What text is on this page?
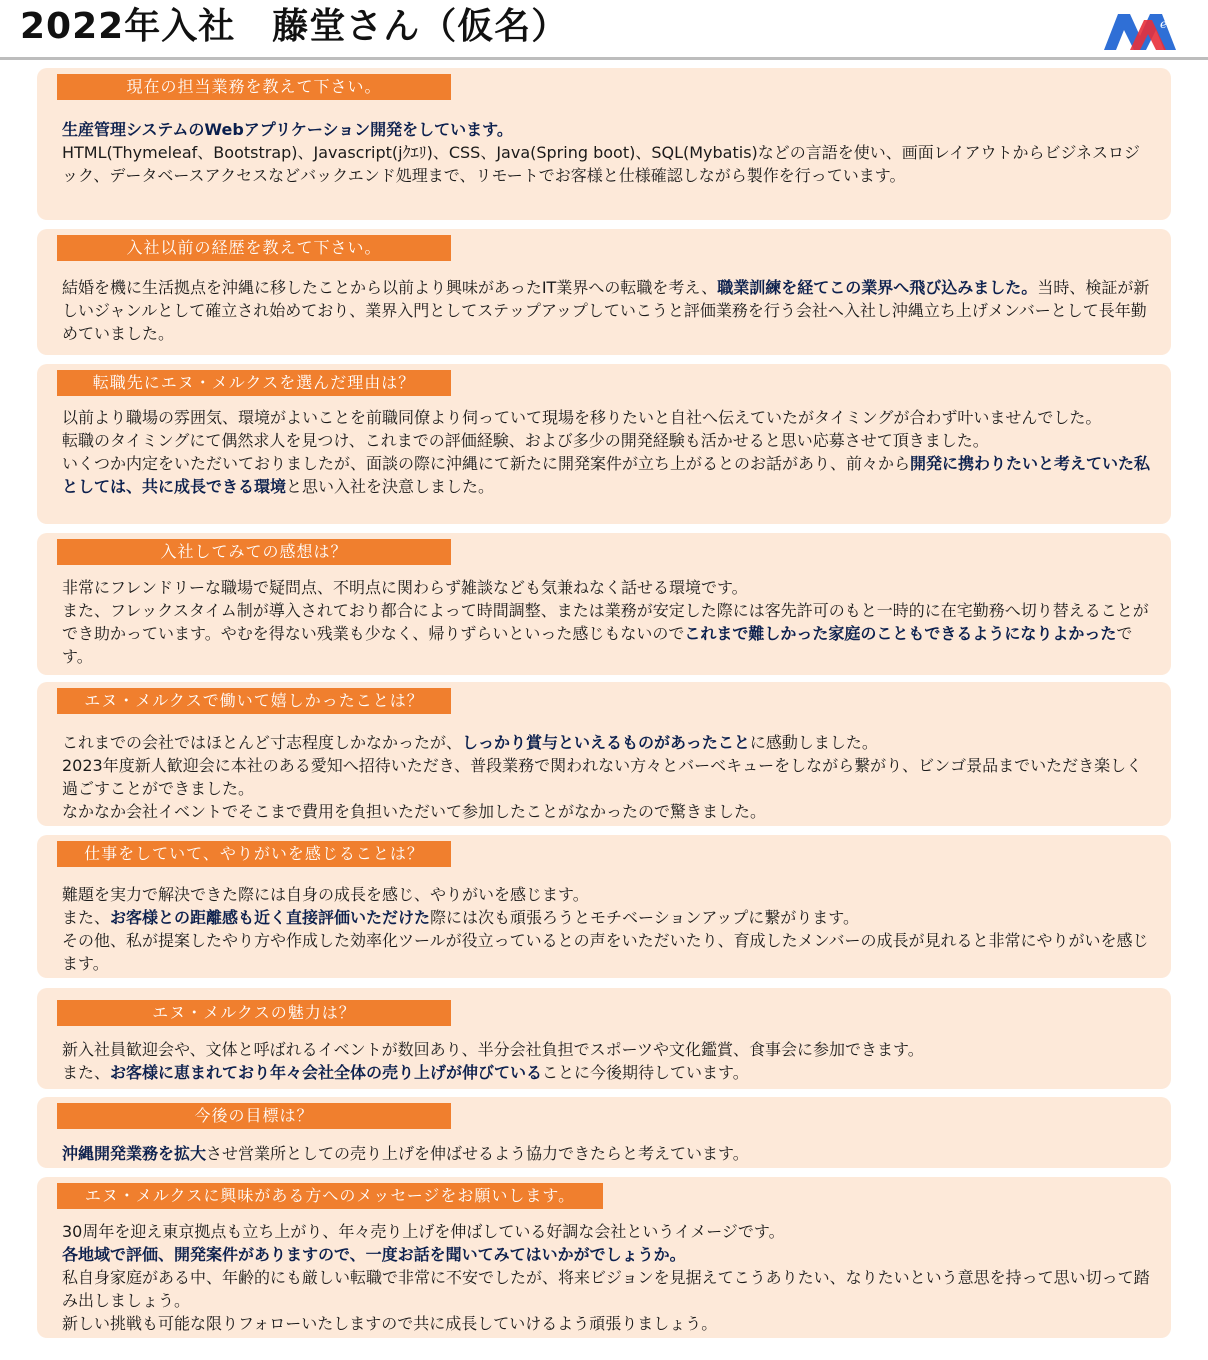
2022年入社　藤堂さん（仮名）	erx
現在の担当業務を教えて下さい。

生産管理システムのWebアプリケーション開発をしています。

HTML(Thymeleaf、Bootstrap)、Javascript(jｸｴﾘ)、CSS、Java(Spring boot)、SQL(Mybatis)などの言語を使い、画面レイアウトからビジネスロジック、データベースアクセスなどバックエンド処理まで、リモートでお客様と仕様確認しながら製作を行っています。

入社以前の経歴を教えて下さい。

結婚を機に生活拠点を沖縄に移したことから以前より興味があったIT業界への転職を考え、職業訓練を経てこの業界へ飛び込みました。当時、検証が新しいジャンルとして確立され始めており、業界入門としてステップアップしていこうと評価業務を行う会社へ入社し沖縄立ち上げメンバーとして長年勤めていました。

転職先にエヌ・メルクスを選んだ理由は？

以前より職場の雰囲気、環境がよいことを前職同僚より伺っていて現場を移りたいと自社へ伝えていたがタイミングが合わず叶いませんでした。

転職のタイミングにて偶然求人を見つけ、これまでの評価経験、および多少の開発経験も活かせると思い応募させて頂きました。

いくつか内定をいただいておりましたが、面談の際に沖縄にて新たに開発案件が立ち上がるとのお話があり、前々から開発に携わりたいと考えていた私としては、共に成長できる環境と思い入社を決意しました。

入社してみての感想は？

非常にフレンドリーな職場で疑問点、不明点に関わらず雑談なども気兼ねなく話せる環境です。

また、フレックスタイム制が導入されており都合によって時間調整、または業務が安定した際には客先許可のもと一時的に在宅勤務へ切り替えることができ助かっています。やむを得ない残業も少なく、帰りずらいといった感じもないのでこれまで難しかった家庭のこともできるようになりよかったです。

エヌ・メルクスで働いて嬉しかったことは？

これまでの会社ではほとんど寸志程度しかなかったが、しっかり賞与といえるものがあったことに感動しました。

2023年度新人歓迎会に本社のある愛知へ招待いただき、普段業務で関われない方々とバーベキューをしながら繋がり、ビンゴ景品までいただき楽しく過ごすことができました。

なかなか会社イベントでそこまで費用を負担いただいて参加したことがなかったので驚きました。

仕事をしていて、やりがいを感じることは？

難題を実力で解決できた際には自身の成長を感じ、やりがいを感じます。

また、お客様との距離感も近く直接評価いただけた際には次も頑張ろうとモチベーションアップに繋がります。

その他、私が提案したやり方や作成した効率化ツールが役立っているとの声をいただいたり、育成したメンバーの成長が見れると非常にやりがいを感じます。

エヌ・メルクスの魅力は？

新入社員歓迎会や、文体と呼ばれるイベントが数回あり、半分会社負担でスポーツや文化鑑賞、食事会に参加できます。

また、お客様に恵まれており年々会社全体の売り上げが伸びていることに今後期待しています。

今後の目標は？

沖縄開発業務を拡大させ営業所としての売り上げを伸ばせるよう協力できたらと考えています。

エヌ・メルクスに興味がある方へのメッセージをお願いします。

30周年を迎え東京拠点も立ち上がり、年々売り上げを伸ばしている好調な会社というイメージです。

各地域で評価、開発案件がありますので、一度お話を聞いてみてはいかがでしょうか。

私自身家庭がある中、年齢的にも厳しい転職で非常に不安でしたが、将来ビジョンを見据えてこうありたい、なりたいという意思を持って思い切って踏み出しましょう。

新しい挑戦も可能な限りフォローいたしますので共に成長していけるよう頑張りましょう。
